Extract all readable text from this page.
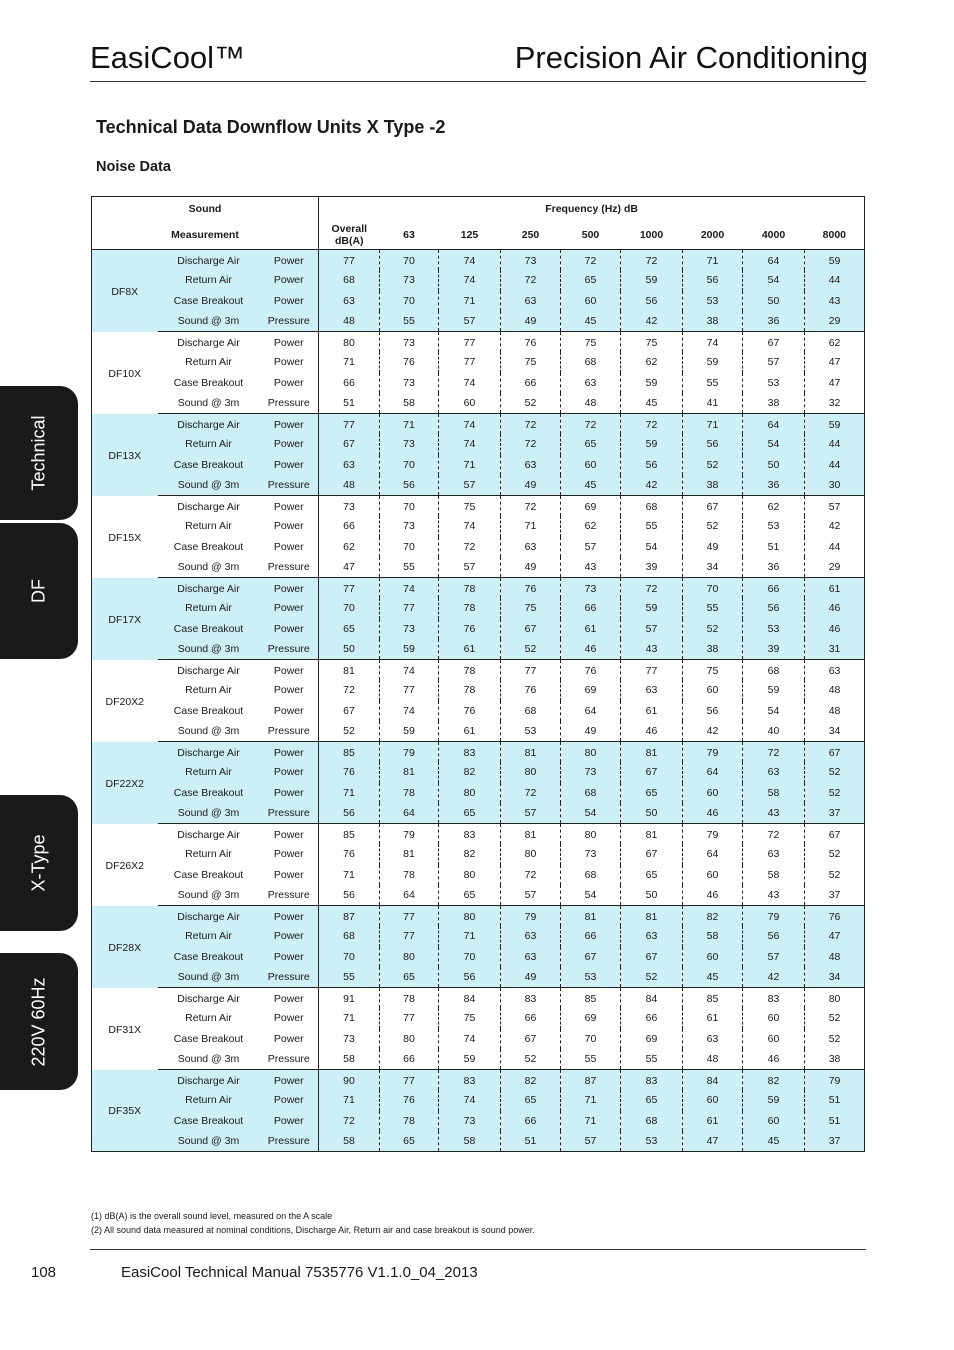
EasiCool™	Precision Air Conditioning
Technical Data Downflow Units X Type -2
Noise Data
Technical
DF
X-Type
220V 60Hz
Sound			Frequency (Hz) dB								
Measurement			Overall
dB(A)	63	125	250	500	1000	2000	4000	8000
DF8X	Discharge Air	Power	77	70	74	73	72	72	71	64	59
	Return Air	Power	68	73	74	72	65	59	56	54	44
	Case Breakout	Power	63	70	71	63	60	56	53	50	43
	Sound @ 3m	Pressure	48	55	57	49	45	42	38	36	29
DF10X	Discharge Air	Power	80	73	77	76	75	75	74	67	62
	Return Air	Power	71	76	77	75	68	62	59	57	47
	Case Breakout	Power	66	73	74	66	63	59	55	53	47
	Sound @ 3m	Pressure	51	58	60	52	48	45	41	38	32
DF13X	Discharge Air	Power	77	71	74	72	72	72	71	64	59
	Return Air	Power	67	73	74	72	65	59	56	54	44
	Case Breakout	Power	63	70	71	63	60	56	52	50	44
	Sound @ 3m	Pressure	48	56	57	49	45	42	38	36	30
DF15X	Discharge Air	Power	73	70	75	72	69	68	67	62	57
	Return Air	Power	66	73	74	71	62	55	52	53	42
	Case Breakout	Power	62	70	72	63	57	54	49	51	44
	Sound @ 3m	Pressure	47	55	57	49	43	39	34	36	29
DF17X	Discharge Air	Power	77	74	78	76	73	72	70	66	61
	Return Air	Power	70	77	78	75	66	59	55	56	46
	Case Breakout	Power	65	73	76	67	61	57	52	53	46
	Sound @ 3m	Pressure	50	59	61	52	46	43	38	39	31
DF20X2	Discharge Air	Power	81	74	78	77	76	77	75	68	63
	Return Air	Power	72	77	78	76	69	63	60	59	48
	Case Breakout	Power	67	74	76	68	64	61	56	54	48
	Sound @ 3m	Pressure	52	59	61	53	49	46	42	40	34
DF22X2	Discharge Air	Power	85	79	83	81	80	81	79	72	67
	Return Air	Power	76	81	82	80	73	67	64	63	52
	Case Breakout	Power	71	78	80	72	68	65	60	58	52
	Sound @ 3m	Pressure	56	64	65	57	54	50	46	43	37
DF26X2	Discharge Air	Power	85	79	83	81	80	81	79	72	67
	Return Air	Power	76	81	82	80	73	67	64	63	52
	Case Breakout	Power	71	78	80	72	68	65	60	58	52
	Sound @ 3m	Pressure	56	64	65	57	54	50	46	43	37
DF28X	Discharge Air	Power	87	77	80	79	81	81	82	79	76
	Return Air	Power	68	77	71	63	66	63	58	56	47
	Case Breakout	Power	70	80	70	63	67	67	60	57	48
	Sound @ 3m	Pressure	55	65	56	49	53	52	45	42	34
DF31X	Discharge Air	Power	91	78	84	83	85	84	85	83	80
	Return Air	Power	71	77	75	66	69	66	61	60	52
	Case Breakout	Power	73	80	74	67	70	69	63	60	52
	Sound @ 3m	Pressure	58	66	59	52	55	55	48	46	38
DF35X	Discharge Air	Power	90	77	83	82	87	83	84	82	79
	Return Air	Power	71	76	74	65	71	65	60	59	51
	Case Breakout	Power	72	78	73	66	71	68	61	60	51
	Sound @ 3m	Pressure	58	65	58	51	57	53	47	45	37
(1) dB(A) is the overall sound level, measured on the A scale
(2) All sound data measured at nominal conditions, Discharge Air, Return air and case breakout is sound power.
108	EasiCool Technical Manual 7535776 V1.1.0_04_2013
